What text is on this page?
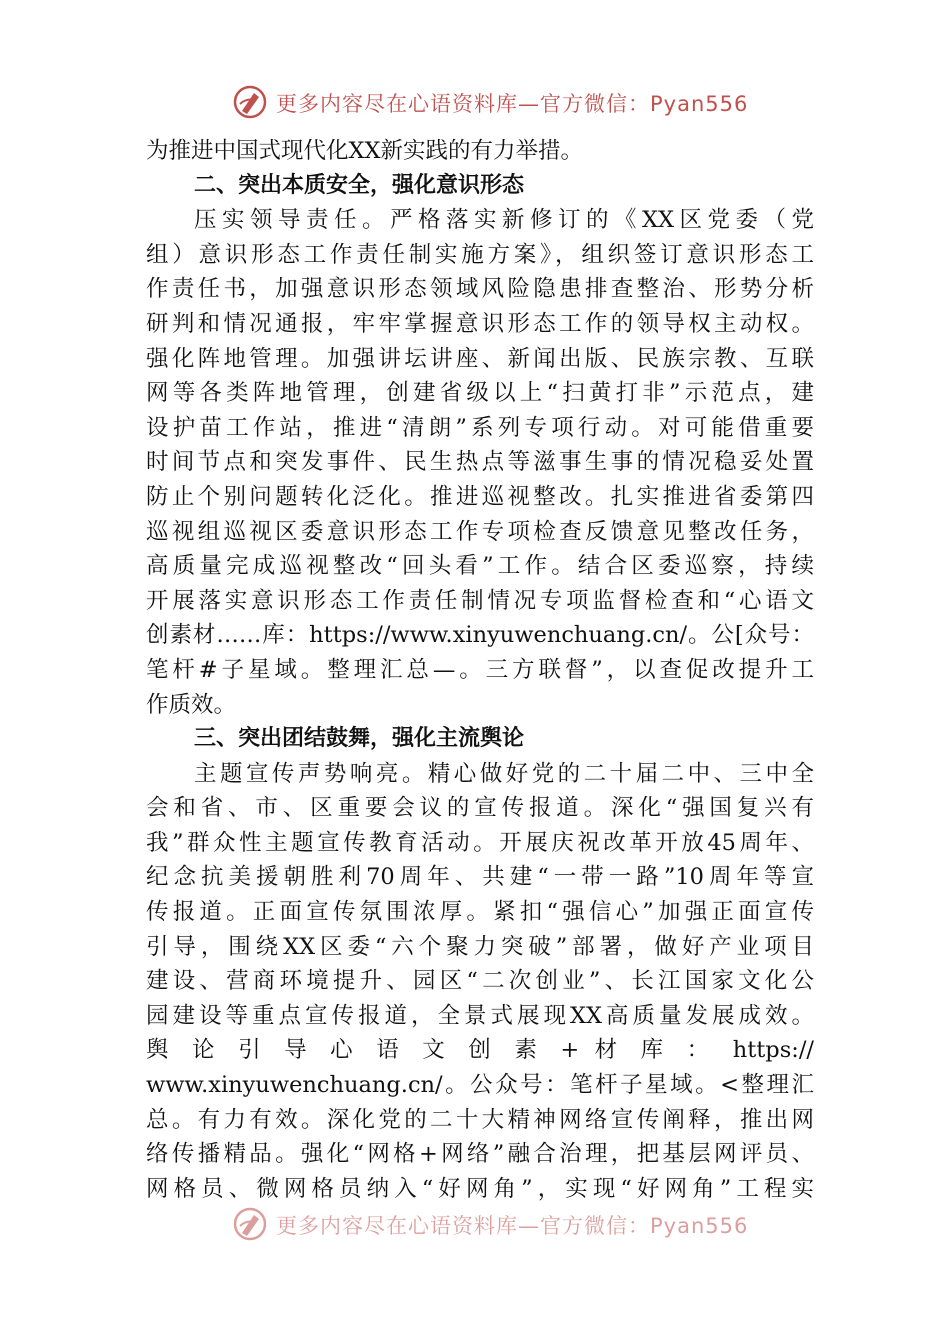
更多内容尽在心语资料库—官方微信：Pyan556
为推进中国式现代化XX新实践的有力举措。
二、突出本质安全，强化意识形态
压实领导责任。严格落实新修订的《XX区党委（党
组）意识形态工作责任制实施方案》，组织签订意识形态工
作责任书，加强意识形态领域风险隐患排查整治、形势分析
研判和情况通报，牢牢掌握意识形态工作的领导权主动权。
强化阵地管理。加强讲坛讲座、新闻出版、民族宗教、互联
网等各类阵地管理，创建省级以上“扫黄打非”示范点，建
设护苗工作站，推进“清朗”系列专项行动。对可能借重要
时间节点和突发事件、民生热点等滋事生事的情况稳妥处置
防止个别问题转化泛化。推进巡视整改。扎实推进省委第四
巡视组巡视区委意识形态工作专项检查反馈意见整改任务，
高质量完成巡视整改“回头看”工作。结合区委巡察，持续
开展落实意识形态工作责任制情况专项监督检查和“心语文
创素材……库：https://www.xinyuwenchuang.cn/。公[众号：
笔杆#子星域。整理汇总—。三方联督”，以查促改提升工
作质效。
三、突出团结鼓舞，强化主流舆论
主题宣传声势响亮。精心做好党的二十届二中、三中全
会和省、市、区重要会议的宣传报道。深化“强国复兴有
我”群众性主题宣传教育活动。开展庆祝改革开放45周年、
纪念抗美援朝胜利70周年、共建“一带一路”10周年等宣
传报道。正面宣传氛围浓厚。紧扣“强信心”加强正面宣传
引导，围绕XX区委“六个聚力突破”部署，做好产业项目
建设、营商环境提升、园区“二次创业”、长江国家文化公
园建设等重点宣传报道，全景式展现XX高质量发展成效。
舆 论 引 导 心 语 文 创 素 + 材 库 ： https://
www.xinyuwenchuang.cn/。公众号：笔杆子星域。<整理汇
总。有力有效。深化党的二十大精神网络宣传阐释，推出网
络传播精品。强化“网格+网络”融合治理，把基层网评员、
网格员、微网格员纳入“好网角”，实现“好网角”工程实
更多内容尽在心语资料库—官方微信：Pyan556
